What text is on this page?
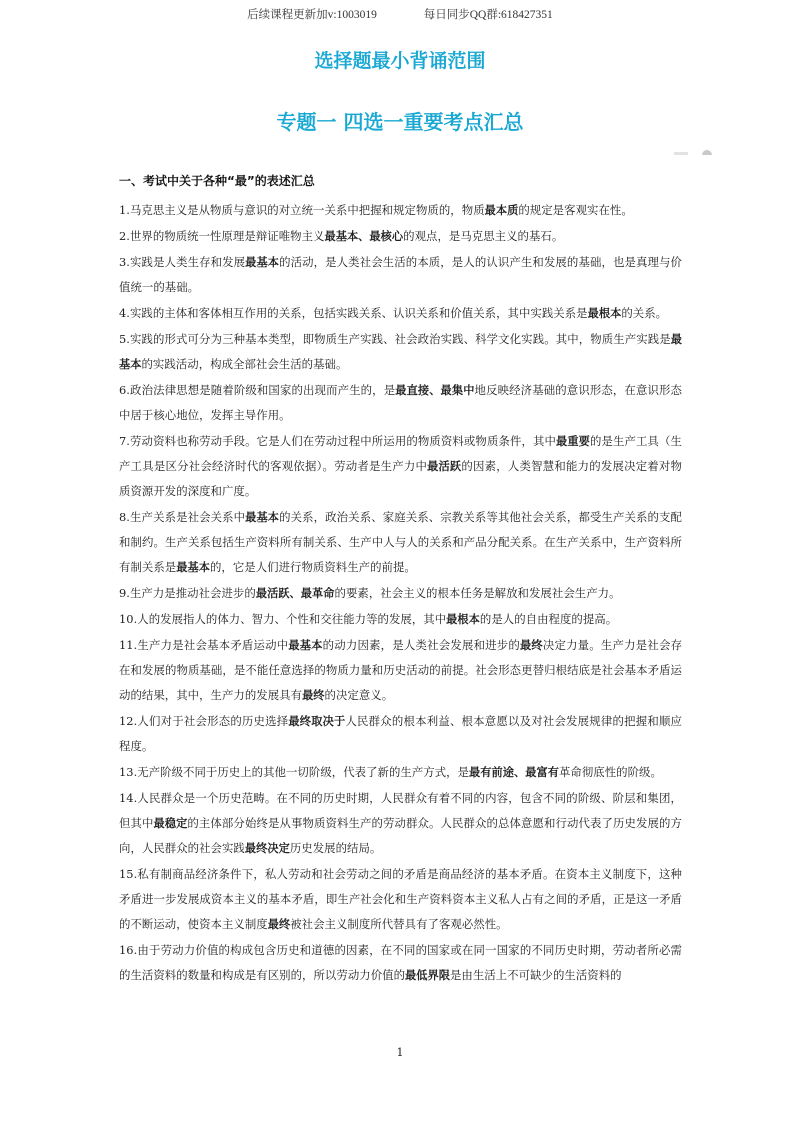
后续课程更新加v:1003019	每日同步QQ群:618427351
选择题最小背诵范围
专题一 四选一重要考点汇总
一、考试中关于各种“最”的表述汇总

1.马克思主义是从物质与意识的对立统一关系中把握和规定物质的，物质最本质的规定是客观实在性。

2.世界的物质统一性原理是辩证唯物主义最基本、最核心的观点，是马克思主义的基石。

3.实践是人类生存和发展最基本的活动，是人类社会生活的本质，是人的认识产生和发展的基础，也是真理与价值统一的基础。

4.实践的主体和客体相互作用的关系，包括实践关系、认识关系和价值关系，其中实践关系是最根本的关系。

5.实践的形式可分为三种基本类型，即物质生产实践、社会政治实践、科学文化实践。其中，物质生产实践是最基本的实践活动，构成全部社会生活的基础。

6.政治法律思想是随着阶级和国家的出现而产生的，是最直接、最集中地反映经济基础的意识形态，在意识形态中居于核心地位，发挥主导作用。

7.劳动资料也称劳动手段。它是人们在劳动过程中所运用的物质资料或物质条件，其中最重要的是生产工具（生产工具是区分社会经济时代的客观依据）。劳动者是生产力中最活跃的因素，人类智慧和能力的发展决定着对物质资源开发的深度和广度。

8.生产关系是社会关系中最基本的关系，政治关系、家庭关系、宗教关系等其他社会关系，都受生产关系的支配和制约。生产关系包括生产资料所有制关系、生产中人与人的关系和产品分配关系。在生产关系中，生产资料所有制关系是最基本的，它是人们进行物质资料生产的前提。

9.生产力是推动社会进步的最活跃、最革命的要素，社会主义的根本任务是解放和发展社会生产力。

10.人的发展指人的体力、智力、个性和交往能力等的发展，其中最根本的是人的自由程度的提高。

11.生产力是社会基本矛盾运动中最基本的动力因素，是人类社会发展和进步的最终决定力量。生产力是社会存在和发展的物质基础，是不能任意选择的物质力量和历史活动的前提。社会形态更替归根结底是社会基本矛盾运动的结果，其中，生产力的发展具有最终的决定意义。

12.人们对于社会形态的历史选择最终取决于人民群众的根本利益、根本意愿以及对社会发展规律的把握和顺应程度。

13.无产阶级不同于历史上的其他一切阶级，代表了新的生产方式，是最有前途、最富有革命彻底性的阶级。

14.人民群众是一个历史范畴。在不同的历史时期，人民群众有着不同的内容，包含不同的阶级、阶层和集团，但其中最稳定的主体部分始终是从事物质资料生产的劳动群众。人民群众的总体意愿和行动代表了历史发展的方向，人民群众的社会实践最终决定历史发展的结局。

15.私有制商品经济条件下，私人劳动和社会劳动之间的矛盾是商品经济的基本矛盾。在资本主义制度下，这种矛盾进一步发展成资本主义的基本矛盾，即生产社会化和生产资料资本主义私人占有之间的矛盾，正是这一矛盾的不断运动，使资本主义制度最终被社会主义制度所代替具有了客观必然性。

16.由于劳动力价值的构成包含历史和道德的因素，在不同的国家或在同一国家的不同历史时期，劳动者所必需的生活资料的数量和构成是有区别的，所以劳动力价值的最低界限是由生活上不可缺少的生活资料的

1
